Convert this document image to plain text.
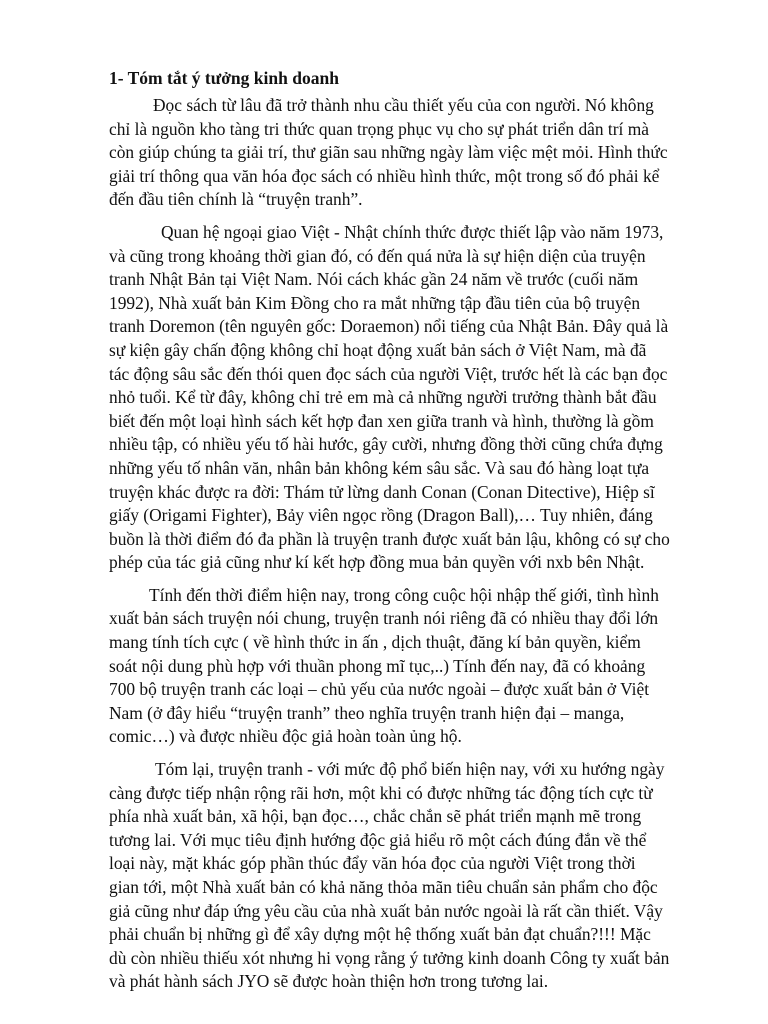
1- Tóm tắt ý tưởng kinh doanh
Đọc sách từ lâu đã trở thành nhu cầu thiết yếu của con người. Nó không
chỉ là nguồn kho tàng tri thức quan trọng phục vụ cho sự phát triển dân trí mà
còn giúp chúng ta giải trí, thư giãn sau những ngày làm việc mệt mỏi. Hình thức
giải trí thông qua văn hóa đọc sách có nhiều hình thức, một trong số đó phải kể
đến đầu tiên chính là “truyện tranh”.
Quan hệ ngoại giao Việt - Nhật chính thức được thiết lập vào năm 1973,
và cũng trong khoảng thời gian đó, có đến quá nửa là sự hiện diện của truyện
tranh Nhật Bản tại Việt Nam. Nói cách khác gần 24 năm về trước (cuối năm
1992), Nhà xuất bản Kim Đồng cho ra mắt những tập đầu tiên của bộ truyện
tranh Doremon (tên nguyên gốc: Doraemon) nổi tiếng của Nhật Bản. Đây quả là
sự kiện gây chấn động không chỉ hoạt động xuất bản sách ở Việt Nam, mà đã
tác động sâu sắc đến thói quen đọc sách của người Việt, trước hết là các bạn đọc
nhỏ tuổi. Kể từ đây, không chỉ trẻ em mà cả những người trưởng thành bắt đầu
biết đến một loại hình sách kết hợp đan xen giữa tranh và hình, thường là gồm
nhiều tập, có nhiều yếu tố hài hước, gây cười, nhưng đồng thời cũng chứa đựng
những yếu tố nhân văn, nhân bản không kém sâu sắc. Và sau đó hàng loạt tựa
truyện khác được ra đời: Thám tử lừng danh Conan (Conan Ditective), Hiệp sĩ
giấy (Origami Fighter), Bảy viên ngọc rồng (Dragon Ball),… Tuy nhiên, đáng
buồn là thời điểm đó đa phần là truyện tranh được xuất bản lậu, không có sự cho
phép của tác giả cũng như kí kết hợp đồng mua bản quyền với nxb bên Nhật.
Tính đến thời điểm hiện nay, trong công cuộc hội nhập thế giới, tình hình
xuất bản sách truyện nói chung, truyện tranh nói riêng đã có nhiều thay đổi lớn
mang tính tích cực ( về hình thức in ấn , dịch thuật, đăng kí bản quyền, kiểm
soát nội dung phù hợp với thuần phong mĩ tục,..) Tính đến nay, đã có khoảng
700 bộ truyện tranh các loại – chủ yếu của nước ngoài – được xuất bản ở Việt
Nam (ở đây hiểu “truyện tranh” theo nghĩa truyện tranh hiện đại – manga,
comic…) và được nhiều độc giả hoàn toàn ủng hộ.
Tóm lại, truyện tranh - với mức độ phổ biến hiện nay, với xu hướng ngày
càng được tiếp nhận rộng rãi hơn, một khi có được những tác động tích cực từ
phía nhà xuất bản, xã hội, bạn đọc…, chắc chắn sẽ phát triển mạnh mẽ trong
tương lai. Với mục tiêu định hướng độc giả hiểu rõ một cách đúng đắn về thể
loại này, mặt khác góp phần thúc đẩy văn hóa đọc của người Việt trong thời
gian tới, một Nhà xuất bản có khả năng thỏa mãn tiêu chuẩn sản phẩm cho độc
giả cũng như đáp ứng yêu cầu của nhà xuất bản nước ngoài là rất cần thiết. Vậy
phải chuẩn bị những gì để xây dựng một hệ thống xuất bản đạt chuẩn?!!! Mặc
dù còn nhiều thiếu xót nhưng hi vọng rằng ý tưởng kinh doanh Công ty xuất bản
và phát hành sách JYO sẽ được hoàn thiện hơn trong tương lai.
